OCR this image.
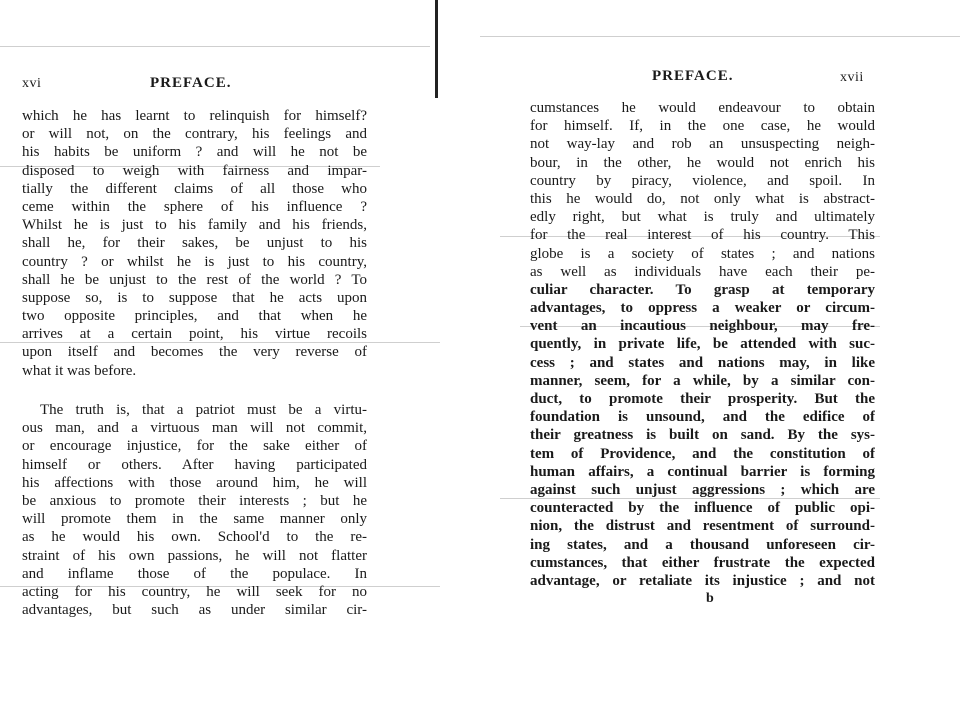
xvi	PREFACE.
which he has learnt to relinquish for himself?
or will not, on the contrary, his feelings and
his habits be uniform ? and will he not be
disposed to weigh with fairness and impar-
tially the different claims of all those who
ceme within the sphere of his influence ?
Whilst he is just to his family and his friends,
shall he, for their sakes, be unjust to his
country ? or whilst he is just to his country,
shall he be unjust to the rest of the world ? To
suppose so, is to suppose that he acts upon
two opposite principles, and that when he
arrives at a certain point, his virtue recoils
upon itself and becomes the very reverse of
what it was before.
The truth is, that a patriot must be a virtu-
ous man, and a virtuous man will not commit,
or encourage injustice, for the sake either of
himself or others. After having participated
his affections with those around him, he will
be anxious to promote their interests ; but he
will promote them in the same manner only
as he would his own. School'd to the re-
straint of his own passions, he will not flatter
and inflame those of the populace. In
acting for his country, he will seek for no
advantages, but such as under similar cir-
PREFACE.	xvii
cumstances he would endeavour to obtain
for himself. If, in the one case, he would
not way-lay and rob an unsuspecting neigh-
bour, in the other, he would not enrich his
country by piracy, violence, and spoil. In
this he would do, not only what is abstract-
edly right, but what is truly and ultimately
for the real interest of his country. This
globe is a society of states ; and nations
as well as individuals have each their pe-
culiar character. To grasp at temporary
advantages, to oppress a weaker or circum-
vent an incautious neighbour, may fre-
quently, in private life, be attended with suc-
cess ; and states and nations may, in like
manner, seem, for a while, by a similar con-
duct, to promote their prosperity. But the
foundation is unsound, and the edifice of
their greatness is built on sand. By the sys-
tem of Providence, and the constitution of
human affairs, a continual barrier is forming
against such unjust aggressions ; which are
counteracted by the influence of public opi-
nion, the distrust and resentment of surround-
ing states, and a thousand unforeseen cir-
cumstances, that either frustrate the expected
advantage, or retaliate its injustice ; and not
b
